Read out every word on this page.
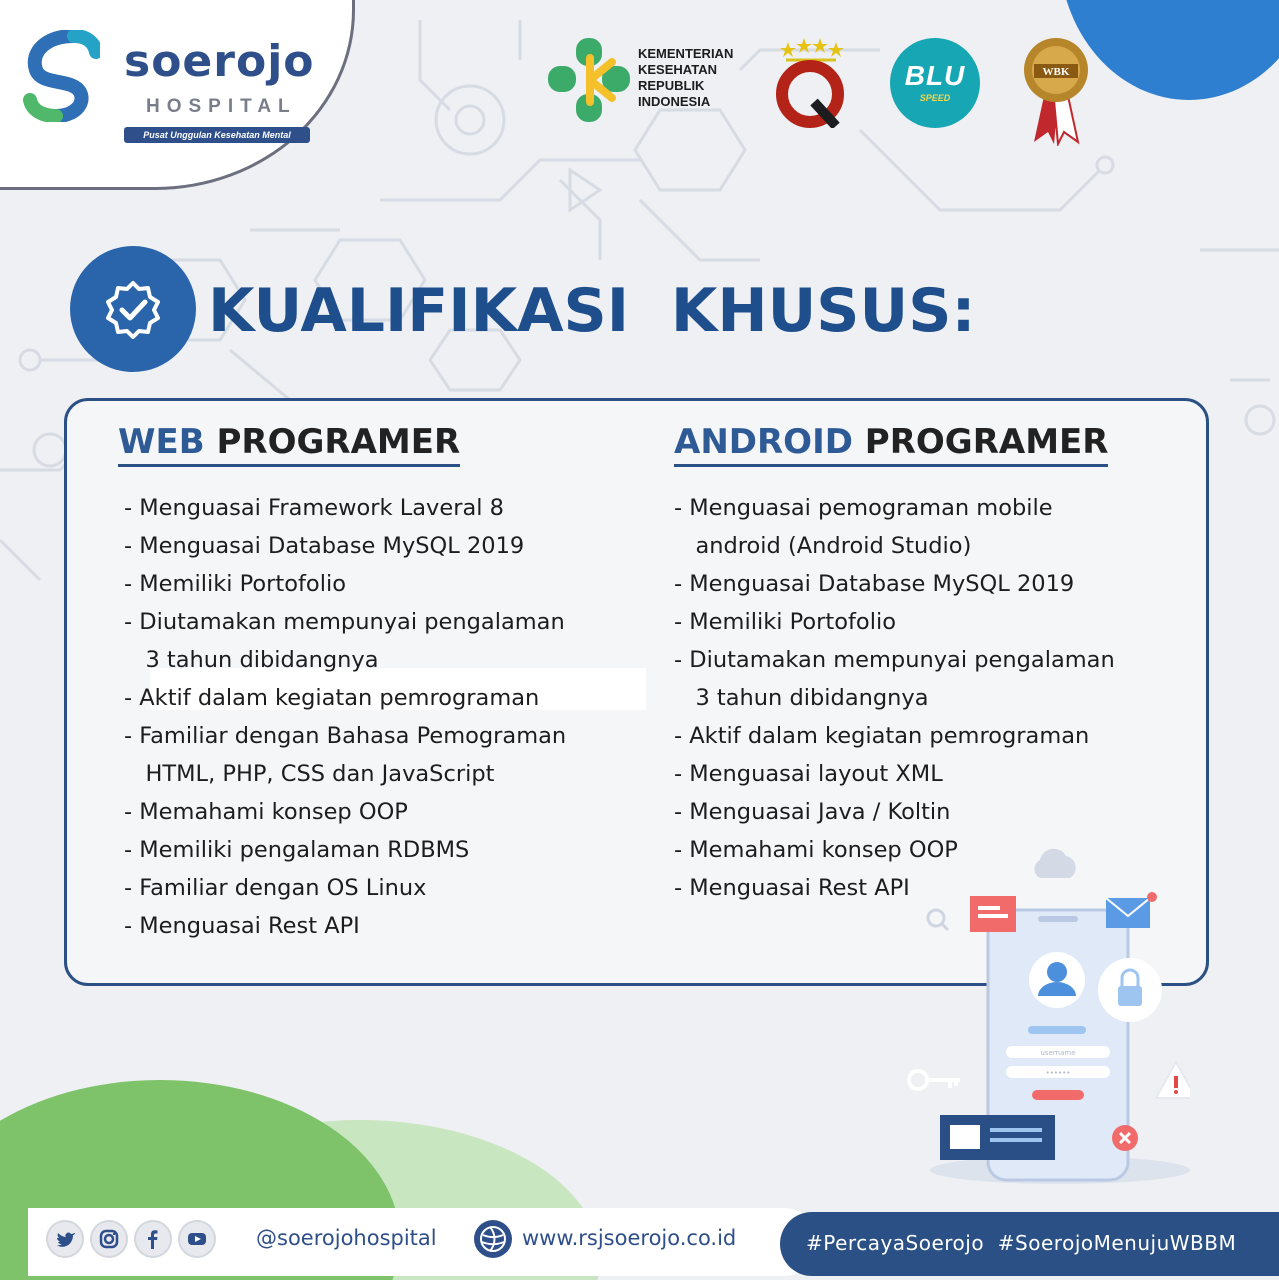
soerojo
HOSPITAL
Pusat Unggulan Kesehatan Mental Integratif
KEMENTERIAN
KESEHATAN
REPUBLIK
INDONESIA
BLU
SPEED
WBK
KUALIFIKASI  KHUSUS:
WEB PROGRAMER	ANDROID PROGRAMER
- Menguasai Framework Laveral 8
- Menguasai Database MySQL 2019
- Memiliki Portofolio
- Diutamakan mempunyai pengalaman
3 tahun dibidangnya
- Aktif dalam kegiatan pemrograman
- Familiar dengan Bahasa Pemograman
HTML, PHP, CSS dan JavaScript
- Memahami konsep OOP
- Memiliki pengalaman RDBMS
- Familiar dengan OS Linux
- Menguasai Rest API
- Menguasai pemograman mobile
android (Android Studio)
- Menguasai Database MySQL 2019
- Memiliki Portofolio
- Diutamakan mempunyai pengalaman
3 tahun dibidangnya
- Aktif dalam kegiatan pemrograman
- Menguasai layout XML
- Menguasai Java / Koltin
- Memahami konsep OOP
- Menguasai Rest API
username
••••••
@soerojohospital	www.rsjsoerojo.co.id	#PercayaSoerojo  #SoerojoMenujuWBBM
